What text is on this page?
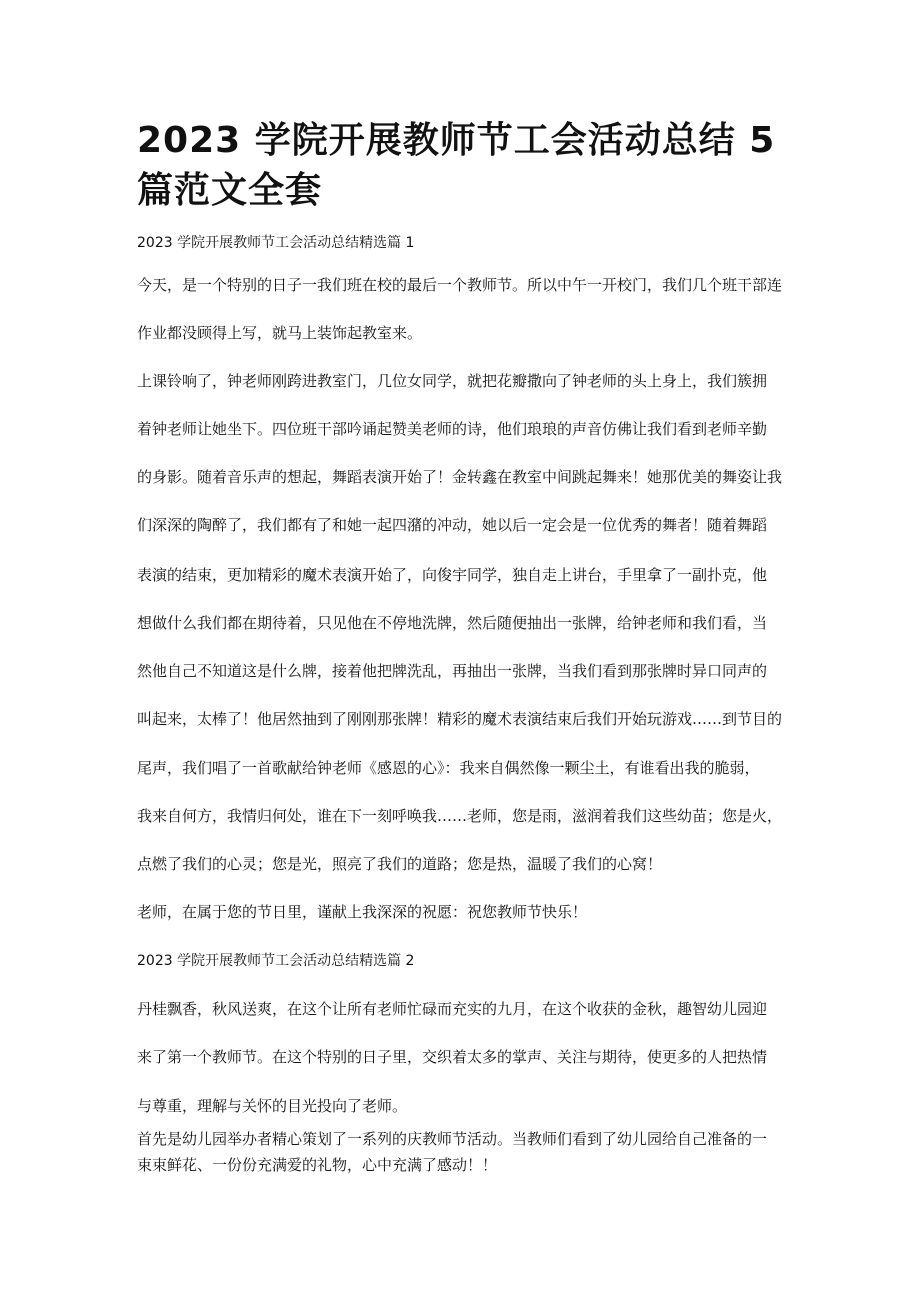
2023 学院开展教师节工会活动总结 5 篇范文全套

2023 学院开展教师节工会活动总结精选篇 1

今天，是一个特别的日子一我们班在校的最后一个教师节。所以中午一开校门，我们几个班干部连

作业都没顾得上写，就马上装饰起教室来。

上课铃响了，钟老师刚跨进教室门，几位女同学，就把花瓣撒向了钟老师的头上身上，我们簇拥

着钟老师让她坐下。四位班干部吟诵起赞美老师的诗，他们琅琅的声音仿佛让我们看到老师辛勤

的身影。随着音乐声的想起，舞蹈表演开始了！金转鑫在教室中间跳起舞来！她那优美的舞姿让我

们深深的陶醉了，我们都有了和她一起四潴的冲动，她以后一定会是一位优秀的舞者！随着舞蹈

表演的结束，更加精彩的魔术表演开始了，向俊宇同学，独自走上讲台，手里拿了一副扑克，他

想做什么我们都在期待着，只见他在不停地洗牌，然后随便抽出一张牌，给钟老师和我们看，当

然他自己不知道这是什么牌，接着他把牌洗乱，再抽出一张牌，当我们看到那张牌时异口同声的

叫起来，太棒了！他居然抽到了刚刚那张牌！精彩的魔术表演结束后我们开始玩游戏……到节目的

尾声，我们唱了一首歌献给钟老师《感恩的心》：我来自偶然像一颗尘土，有谁看出我的脆弱，

我来自何方，我情归何处，谁在下一刻呼唤我……老师，您是雨，滋润着我们这些幼苗；您是火，

点燃了我们的心灵；您是光，照亮了我们的道路；您是热，温暖了我们的心窝！

老师，在属于您的节日里，谨献上我深深的祝愿：祝您教师节快乐！

2023 学院开展教师节工会活动总结精选篇 2

丹桂飘香，秋风送爽，在这个让所有老师忙碌而充实的九月，在这个收获的金秋，趣智幼儿园迎

来了第一个教师节。在这个特别的日子里，交织着太多的掌声、关注与期待，使更多的人把热情

与尊重，理解与关怀的目光投向了老师。

首先是幼儿园举办者精心策划了一系列的庆教师节活动。当教师们看到了幼儿园给自己准备的一

束束鲜花、一份份充满爱的礼物，心中充满了感动！！
